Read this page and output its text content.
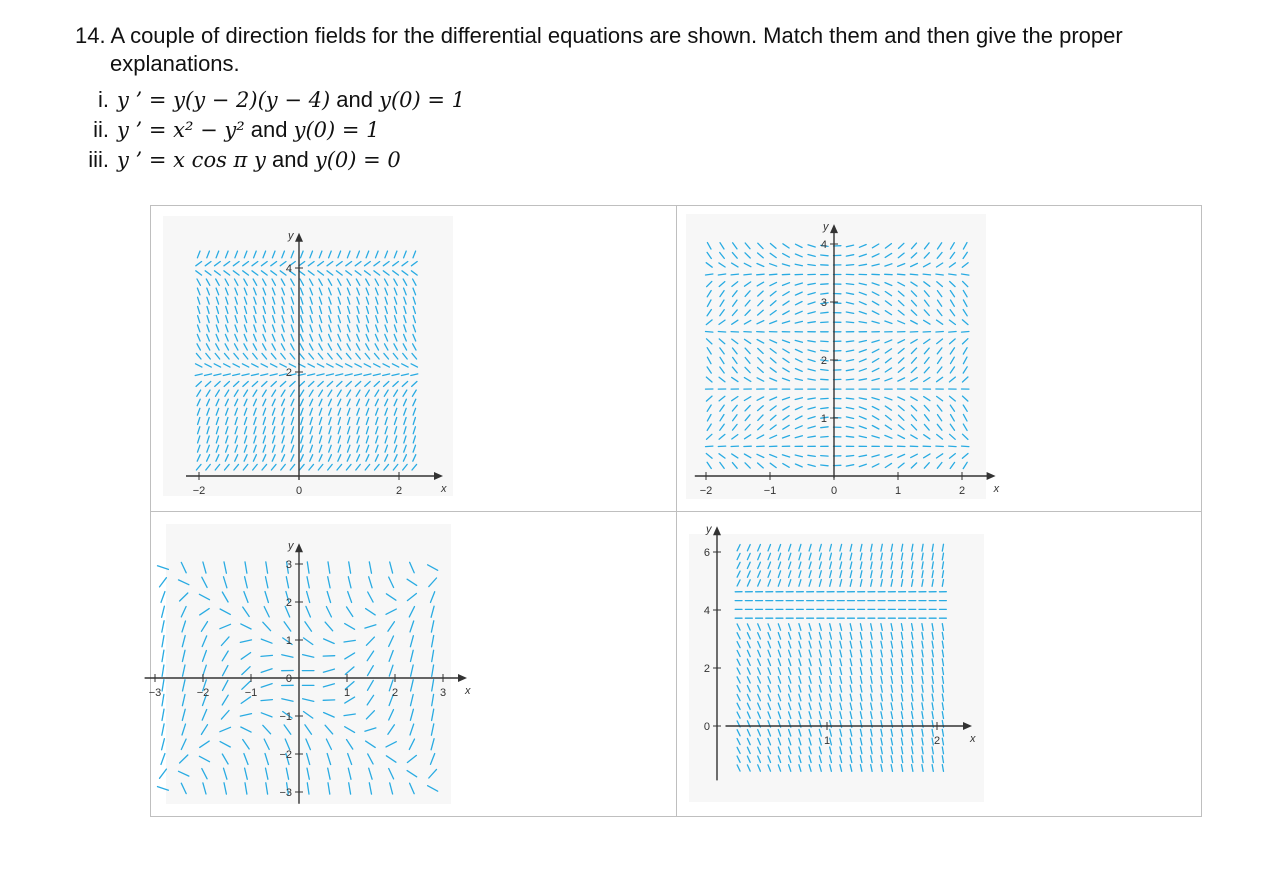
14. A couple of direction fields for the differential equations are shown. Match them and then give the proper
explanations.
i. y ’ = y(y − 2)(y − 4) and y(0) = 1
ii. y ’ = x² − y² and y(0) = 1
iii. y ’ = x cos π y and y(0) = 0
x
y
−2	0	2
2
4
x
y
−2	−1	0	1	2
1
2
3
4
x
y
−3	−2	−1	1	2	3
−3
−2
−1
0
1
2
3
x
y
1	2
0
2
4
6
